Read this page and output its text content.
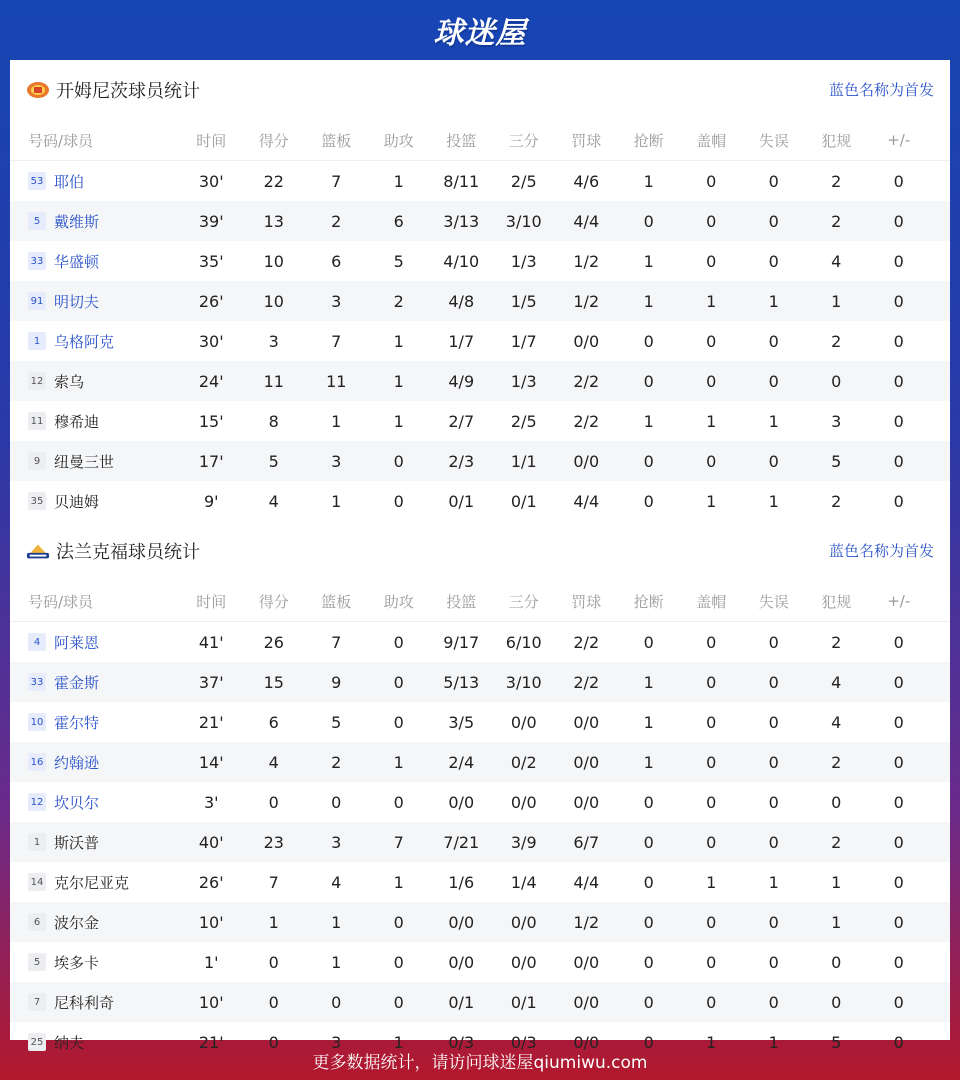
球迷屋
开姆尼茨球员统计	蓝色名称为首发
号码/球员	时间	得分	篮板	助攻	投篮	三分	罚球	抢断	盖帽	失误	犯规	+/-
53 耶伯	30'	22	7	1	8/11	2/5	4/6	1	0	0	2	0
5 戴维斯	39'	13	2	6	3/13	3/10	4/4	0	0	0	2	0
33 华盛顿	35'	10	6	5	4/10	1/3	1/2	1	0	0	4	0
91 明切夫	26'	10	3	2	4/8	1/5	1/2	1	1	1	1	0
1 乌格阿克	30'	3	7	1	1/7	1/7	0/0	0	0	0	2	0
12 索乌	24'	11	11	1	4/9	1/3	2/2	0	0	0	0	0
11 穆希迪	15'	8	1	1	2/7	2/5	2/2	1	1	1	3	0
9 纽曼三世	17'	5	3	0	2/3	1/1	0/0	0	0	0	5	0
35 贝迪姆	9'	4	1	0	0/1	0/1	4/4	0	1	1	2	0
法兰克福球员统计	蓝色名称为首发
号码/球员	时间	得分	篮板	助攻	投篮	三分	罚球	抢断	盖帽	失误	犯规	+/-
4 阿莱恩	41'	26	7	0	9/17	6/10	2/2	0	0	0	2	0
33 霍金斯	37'	15	9	0	5/13	3/10	2/2	1	0	0	4	0
10 霍尔特	21'	6	5	0	3/5	0/0	0/0	1	0	0	4	0
16 约翰逊	14'	4	2	1	2/4	0/2	0/0	1	0	0	2	0
12 坎贝尔	3'	0	0	0	0/0	0/0	0/0	0	0	0	0	0
1 斯沃普	40'	23	3	7	7/21	3/9	6/7	0	0	0	2	0
14 克尔尼亚克	26'	7	4	1	1/6	1/4	4/4	0	1	1	1	0
6 波尔金	10'	1	1	0	0/0	0/0	1/2	0	0	0	1	0
5 埃多卡	1'	0	1	0	0/0	0/0	0/0	0	0	0	0	0
7 尼科利奇	10'	0	0	0	0/1	0/1	0/0	0	0	0	0	0
25 纳夫	21'	0	3	1	0/3	0/3	0/0	0	1	1	5	0
更多数据统计，请访问球迷屋qiumiwu.com
